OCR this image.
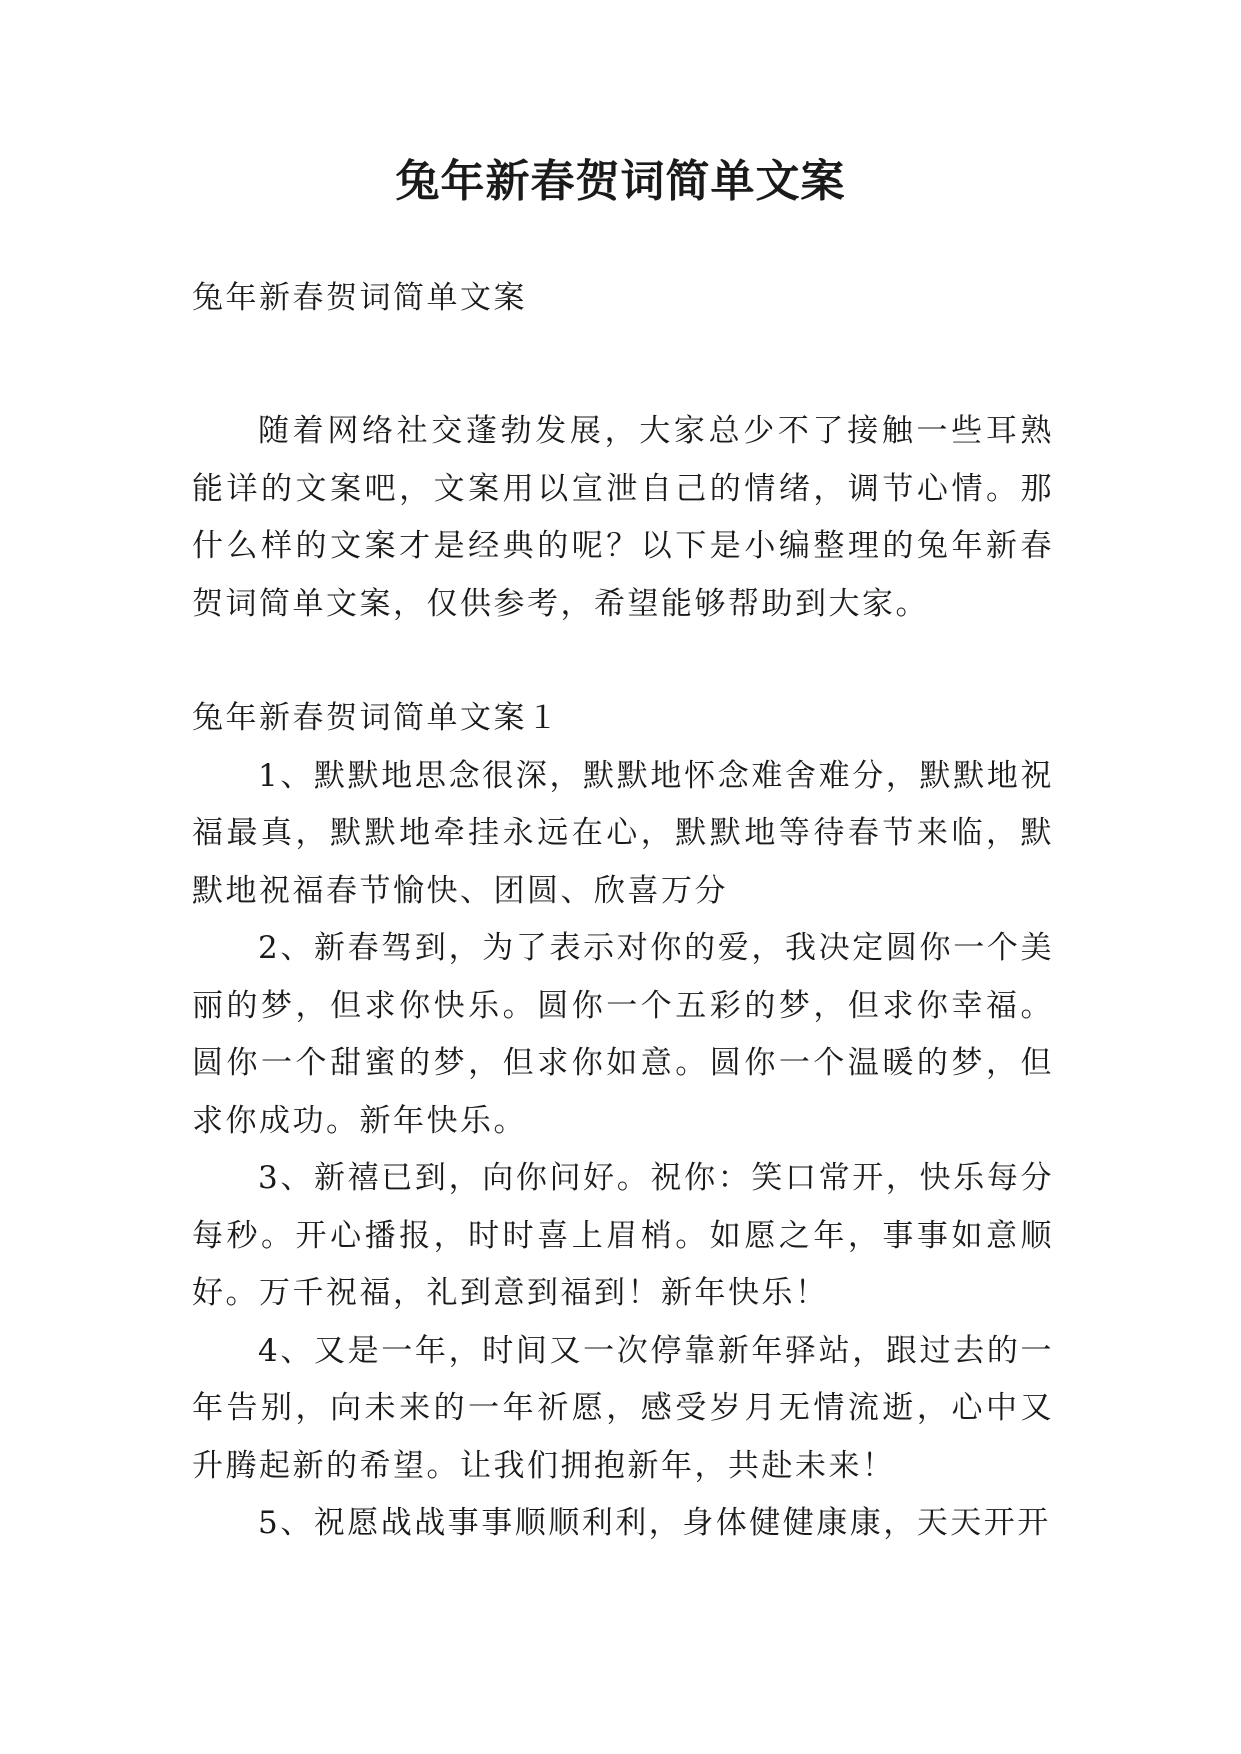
兔年新春贺词简单文案

兔年新春贺词简单文案

随着网络社交蓬勃发展，大家总少不了接触一些耳熟能详的文案吧，文案用以宣泄自己的情绪，调节心情。那什么样的文案才是经典的呢？以下是小编整理的兔年新春贺词简单文案，仅供参考，希望能够帮助到大家。

兔年新春贺词简单文案１

1、默默地思念很深，默默地怀念难舍难分，默默地祝福最真，默默地牵挂永远在心，默默地等待春节来临，默默地祝福春节愉快、团圆、欣喜万分

2、新春驾到，为了表示对你的爱，我决定圆你一个美丽的梦，但求你快乐。圆你一个五彩的梦，但求你幸福。圆你一个甜蜜的梦，但求你如意。圆你一个温暖的梦，但求你成功。新年快乐。

3、新禧已到，向你问好。祝你：笑口常开，快乐每分每秒。开心播报，时时喜上眉梢。如愿之年，事事如意顺好。万千祝福，礼到意到福到！新年快乐！

4、又是一年，时间又一次停靠新年驿站，跟过去的一年告别，向未来的一年祈愿，感受岁月无情流逝，心中又升腾起新的希望。让我们拥抱新年，共赴未来！

5、祝愿战战事事顺顺利利，身体健健康康，天天开开
